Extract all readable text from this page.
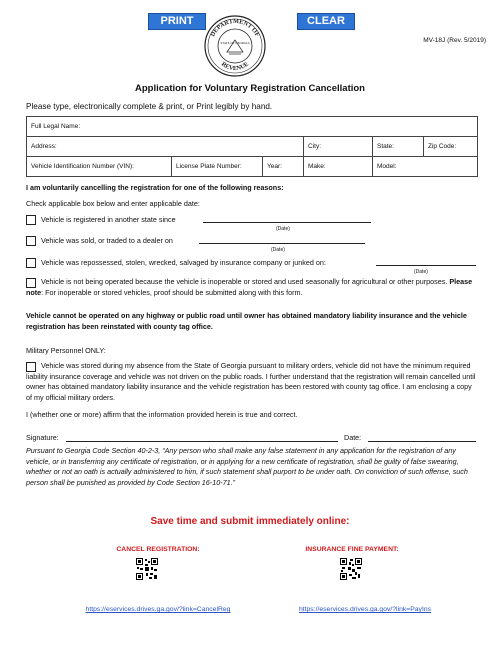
PRINT	CLEAR
DEPARTMENT OF
REVENUE
STATE OF GEORGIA	MV-18J (Rev. 5/2019)
Application for Voluntary Registration Cancellation
Please type, electronically complete & print, or Print legibly by hand.
Full Legal Name:				
Address:			City:	State: Zip Code:

Vehicle Identification Number (VIN):	License Plate Number:	Year:	Make:	Model:
I am voluntarily cancelling the registration for one of the following reasons:
Check applicable box below and enter applicable date:
Vehicle is registered in another state since
(Date)
Vehicle was sold, or traded to a dealer on
(Date)
Vehicle was repossessed, stolen, wrecked, salvaged by insurance company or junked on:
(Date)
Vehicle is not being operated because the vehicle is inoperable or stored and used seasonally for agricultural or other purposes. Please note: For inoperable or stored vehicles, proof should be submitted along with this form.
Vehicle cannot be operated on any highway or public road until owner has obtained mandatory liability insurance and the vehicle registration has been reinstated with county tag office.
Military Personnel ONLY:
Vehicle was stored during my absence from the State of Georgia pursuant to military orders, vehicle did not have the minimum required liability insurance coverage and vehicle was not driven on the public roads. I further understand that the registration will remain cancelled until owner has obtained mandatory liability insurance and the vehicle registration has been restored with county tag office. I am enclosing a copy of my official military orders.
I (whether one or more) affirm that the information provided herein is true and correct.
Signature:	Date:
Pursuant to Georgia Code Section 40-2-3, “Any person who shall make any false statement in any application for the registration of any vehicle, or in transferring any certificate of registration, or in applying for a new certificate of registration, shall be guilty of false swearing, whether or not an oath is actually administered to him, if such statement shall purport to be under oath. On conviction of such offense, such person shall be punished as provided by Code Section 16-10-71.”
Save time and submit immediately online:
CANCEL REGISTRATION:
https://eservices.drives.ga.gov/?link=CancelReg
INSURANCE FINE PAYMENT:
https://eservices.drives.ga.gov/?link=PayIns
